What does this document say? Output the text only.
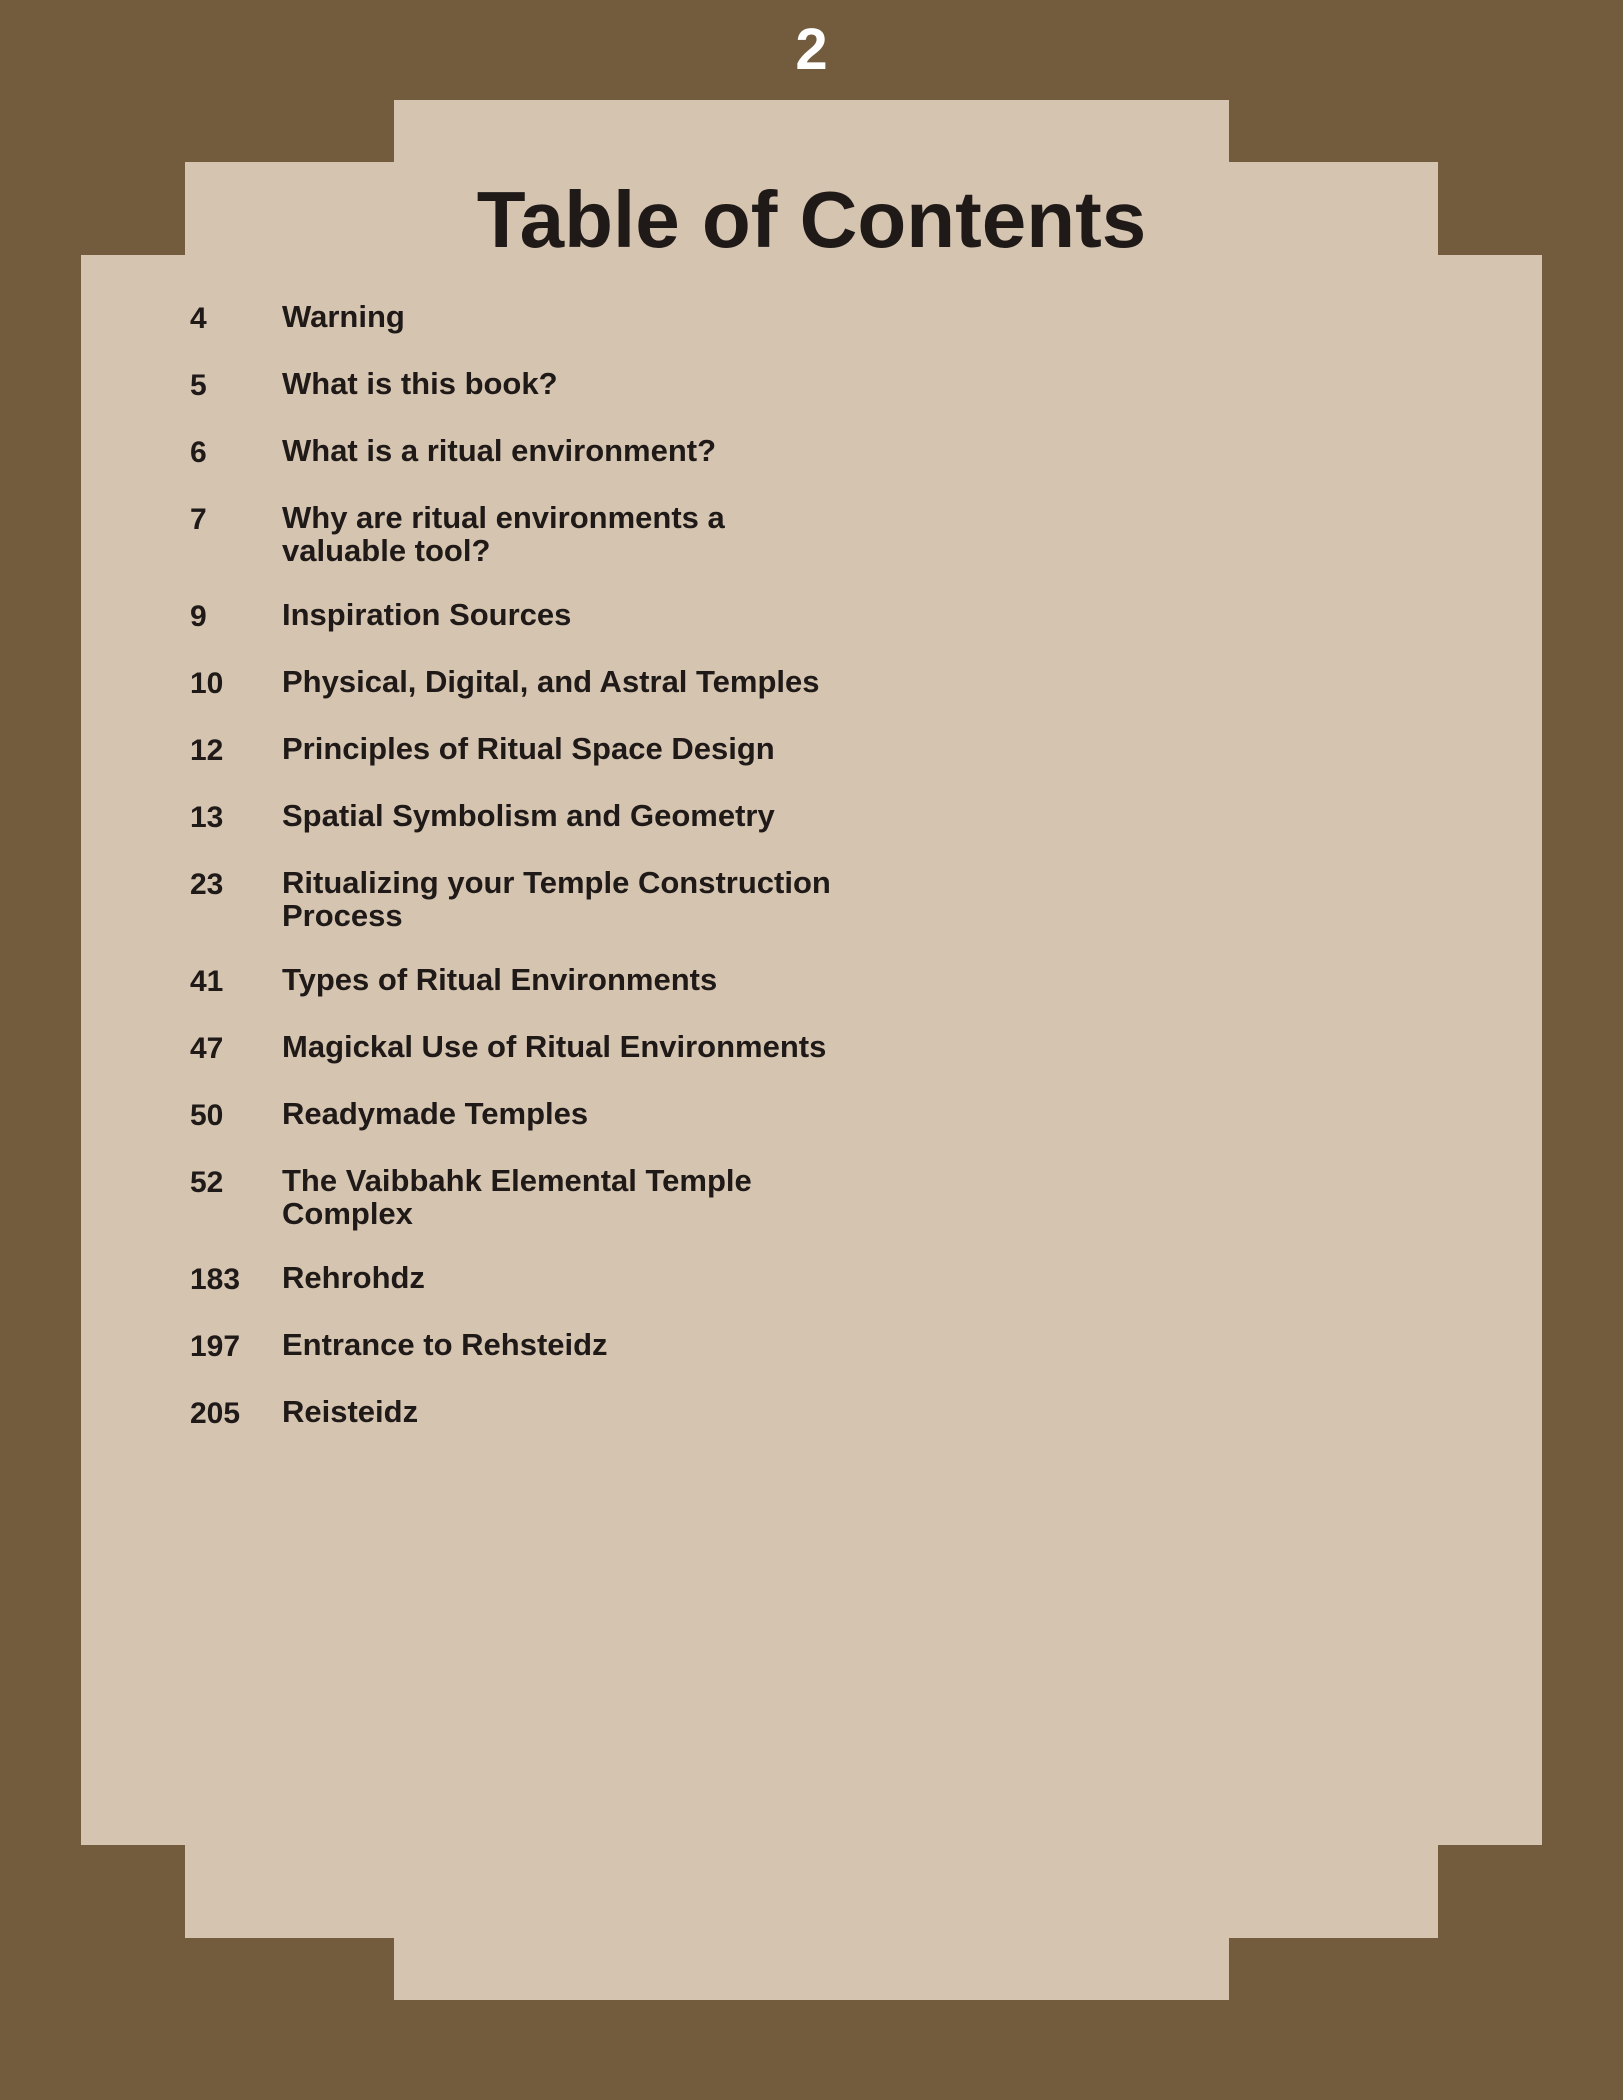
2
Table of Contents
4	Warning
5	What is this book?
6	What is a ritual environment?
7	Why are ritual environments a
valuable tool?
9	Inspiration Sources
10	Physical, Digital, and Astral Temples
12	Principles of Ritual Space Design
13	Spatial Symbolism and Geometry
23	Ritualizing your Temple Construction
Process
41	Types of Ritual Environments
47	Magickal Use of Ritual Environments
50	Readymade Temples
52	The Vaibbahk Elemental Temple
Complex
183	Rehrohdz
197	Entrance to Rehsteidz
205	Reisteidz
